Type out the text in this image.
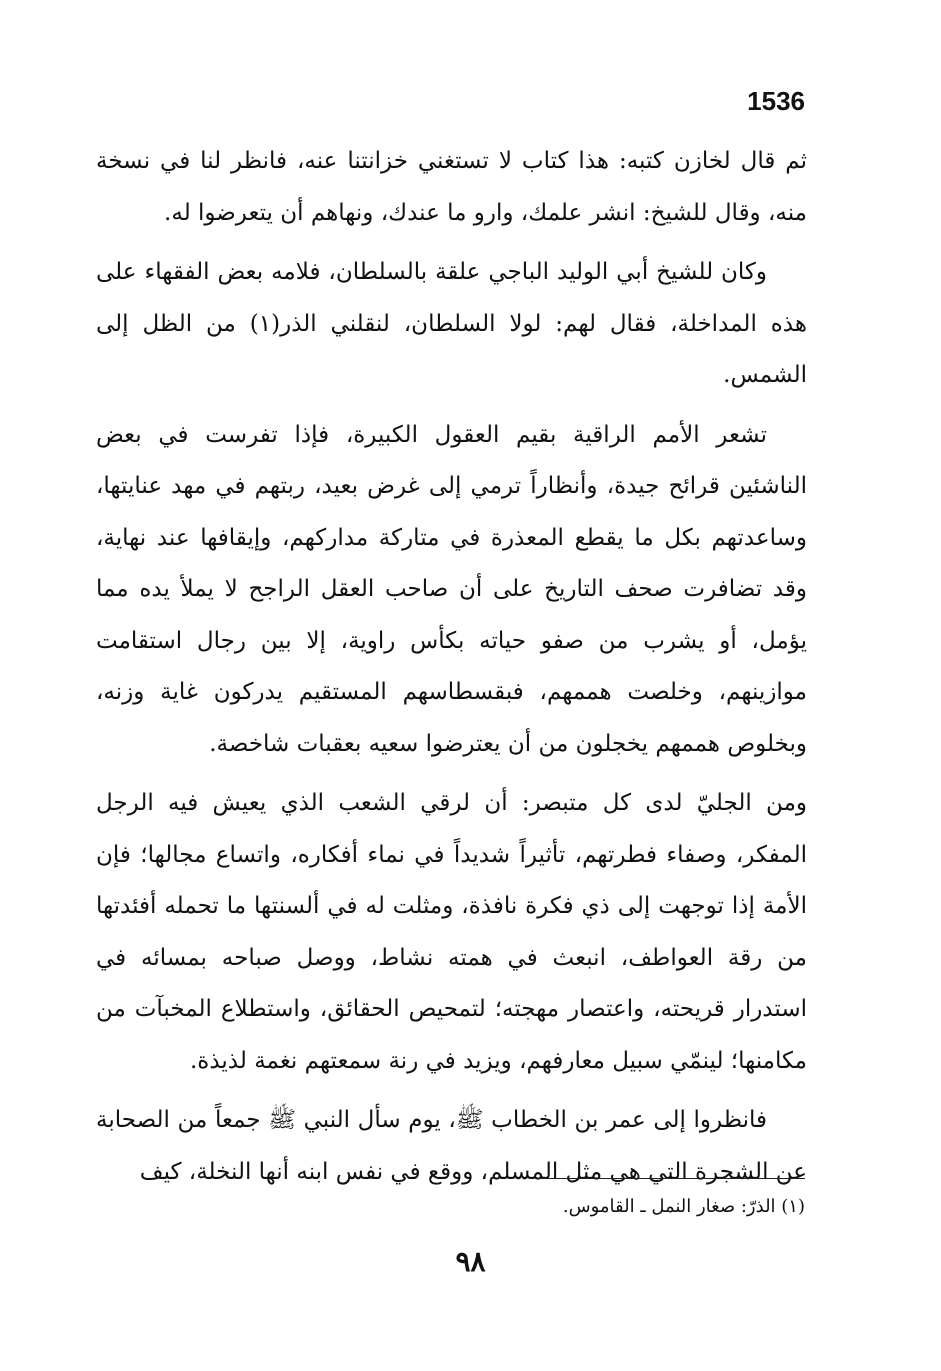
1536

ثم قال لخازن كتبه: هذا كتاب لا تستغني خزانتنا عنه، فانظر لنا في نسخة منه، وقال للشيخ: انشر علمك، وارو ما عندك، ونهاهم أن يتعرضوا له.

وكان للشيخ أبي الوليد الباجي علقة بالسلطان، فلامه بعض الفقهاء على هذه المداخلة، فقال لهم: لولا السلطان، لنقلني الذر(١) من الظل إلى الشمس.

تشعر الأمم الراقية بقيم العقول الكبيرة، فإذا تفرست في بعض الناشئين قرائح جيدة، وأنظاراً ترمي إلى غرض بعيد، ربتهم في مهد عنايتها، وساعدتهم بكل ما يقطع المعذرة في متاركة مداركهم، وإيقافها عند نهاية، وقد تضافرت صحف التاريخ على أن صاحب العقل الراجح لا يملأ يده مما يؤمل، أو يشرب من صفو حياته بكأس راوية، إلا بين رجال استقامت موازينهم، وخلصت هممهم، فبقسطاسهم المستقيم يدركون غاية وزنه، وبخلوص هممهم يخجلون من أن يعترضوا سعيه بعقبات شاخصة.

ومن الجليّ لدى كل متبصر: أن لرقي الشعب الذي يعيش فيه الرجل المفكر، وصفاء فطرتهم، تأثيراً شديداً في نماء أفكاره، واتساع مجالها؛ فإن الأمة إذا توجهت إلى ذي فكرة نافذة، ومثلت له في ألسنتها ما تحمله أفئدتها من رقة العواطف، انبعث في همته نشاط، ووصل صباحه بمسائه في استدرار قريحته، واعتصار مهجته؛ لتمحيص الحقائق، واستطلاع المخبآت من مكامنها؛ لينمّي سبيل معارفهم، ويزيد في رنة سمعتهم نغمة لذيذة.

فانظروا إلى عمر بن الخطاب ﷺ، يوم سأل النبي ﷺ جمعاً من الصحابة عن الشجرة التي هي مثل المسلم، ووقع في نفس ابنه أنها النخلة، كيف

(١) الذرّ: صغار النمل ـ القاموس.
٩٨
